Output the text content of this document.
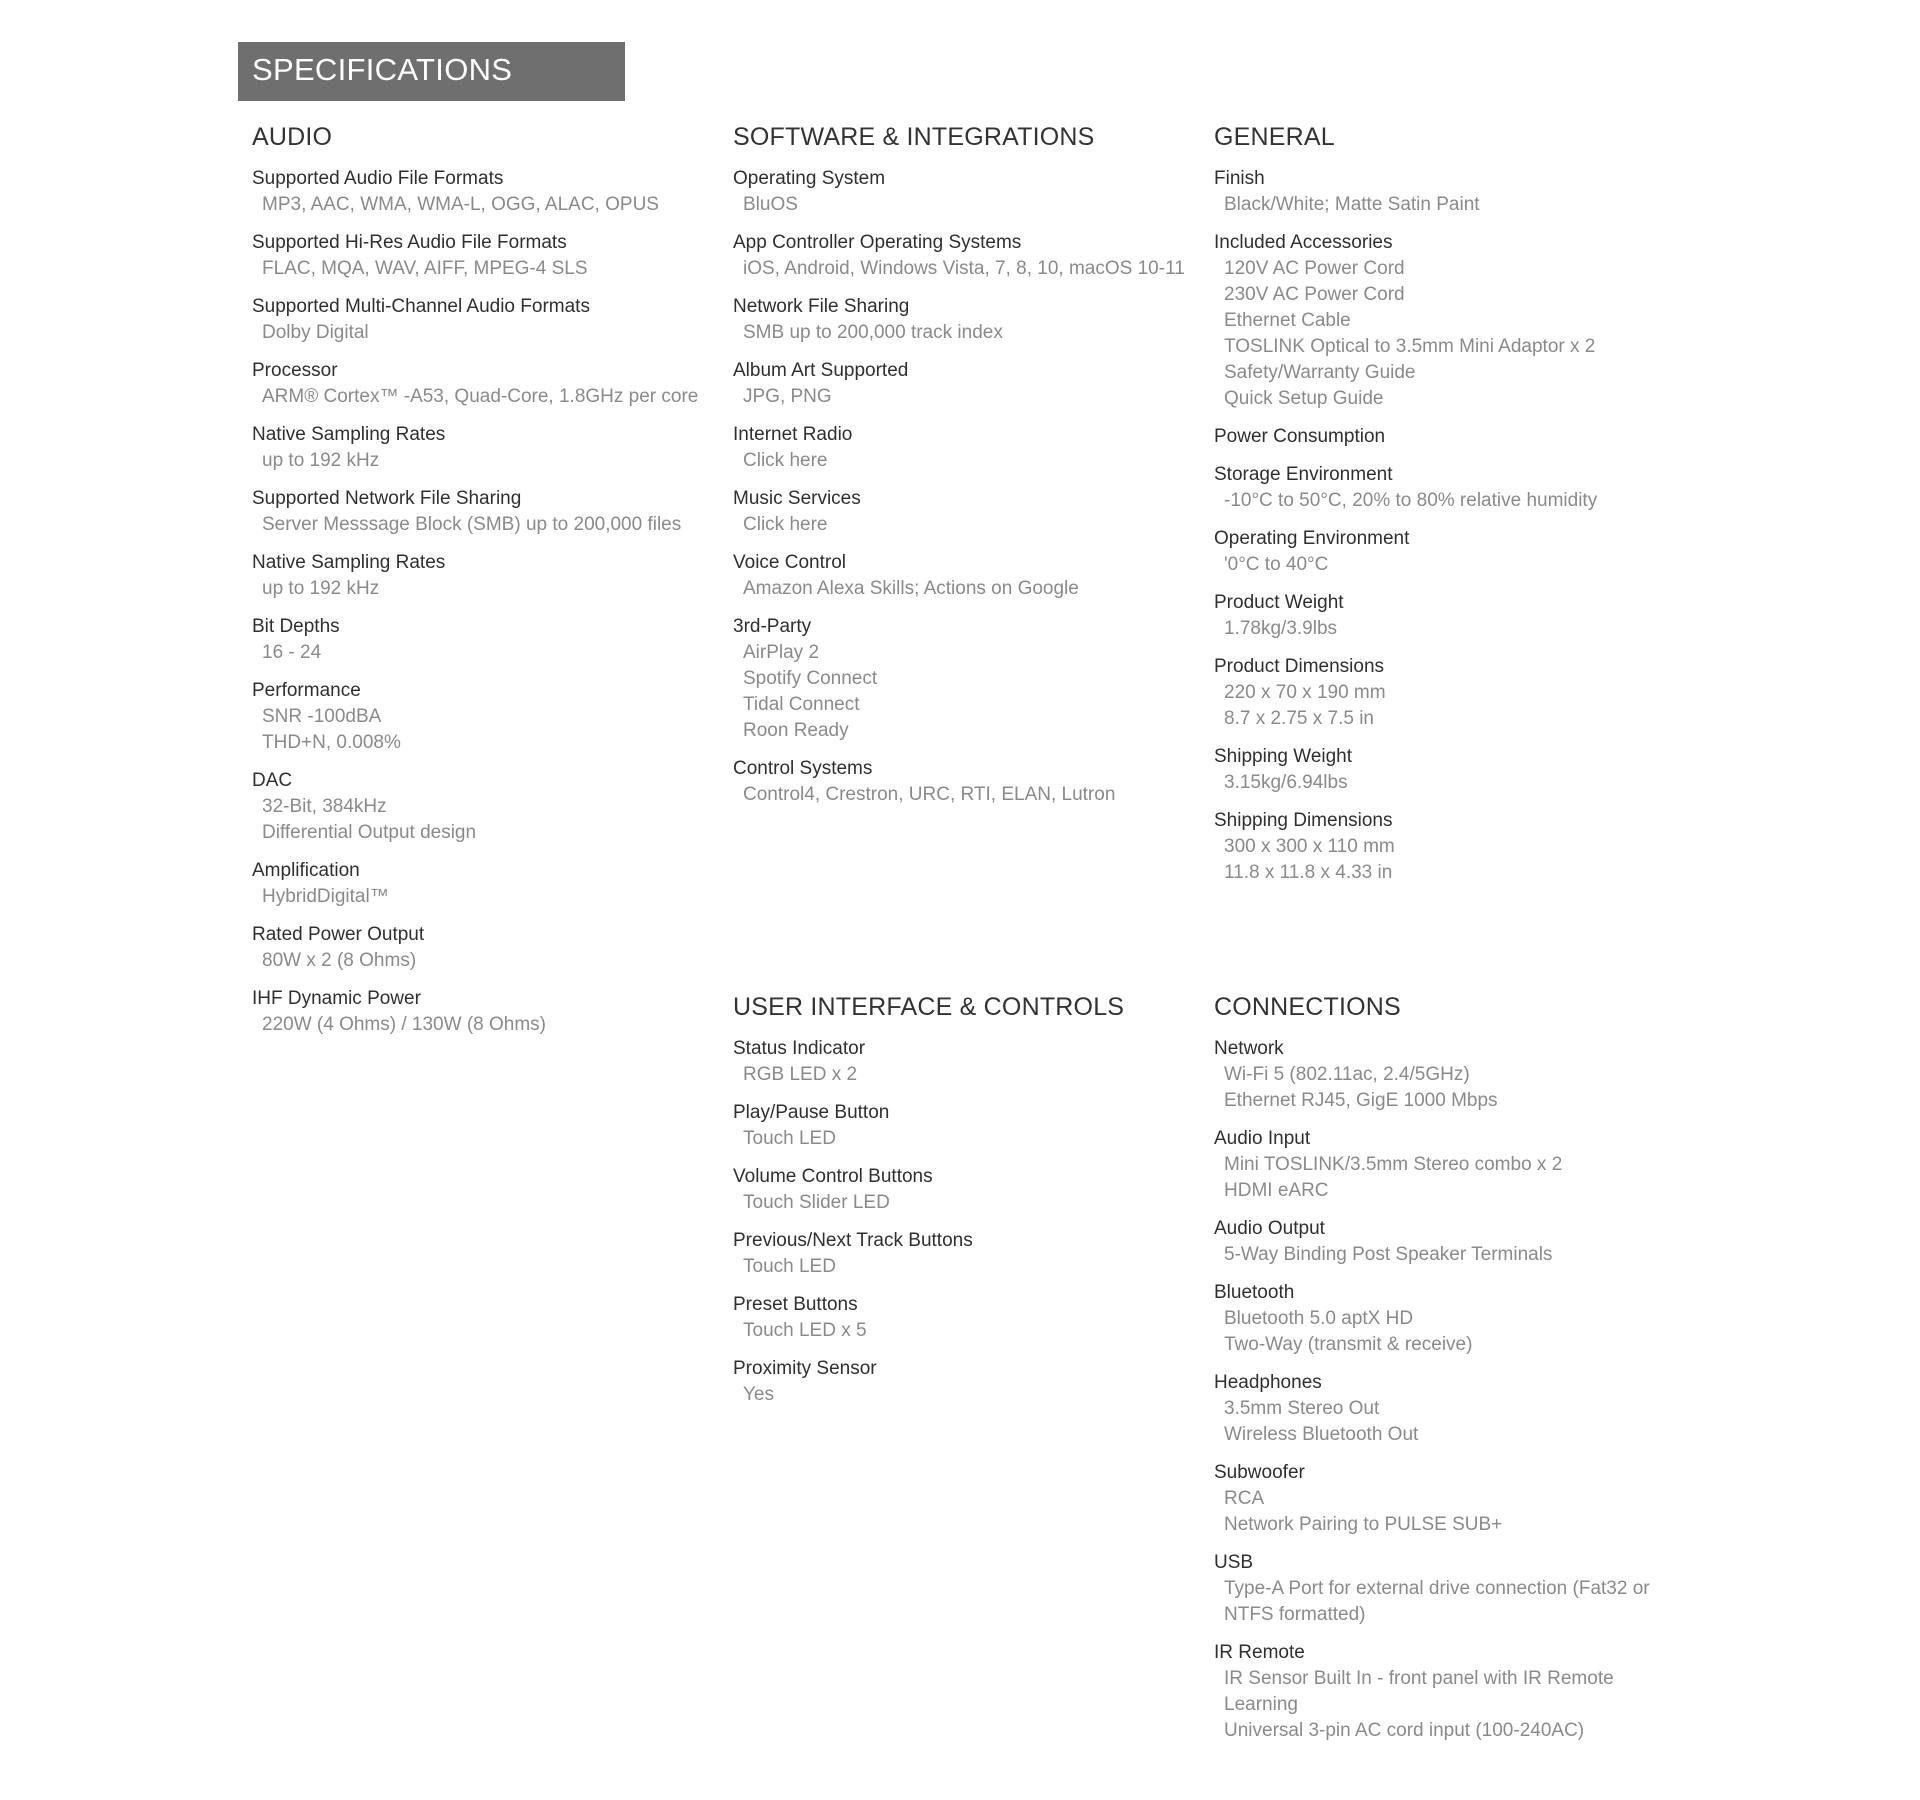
SPECIFICATIONS
AUDIO
Supported Audio File Formats
MP3, AAC, WMA, WMA-L, OGG, ALAC, OPUS
Supported Hi-Res Audio File Formats
FLAC, MQA, WAV, AIFF, MPEG-4 SLS
Supported Multi-Channel Audio Formats
Dolby Digital
Processor
ARM® Cortex™ -A53, Quad-Core, 1.8GHz per core
Native Sampling Rates
up to 192 kHz
Supported Network File Sharing
Server Messsage Block (SMB) up to 200,000 files
Native Sampling Rates
up to 192 kHz
Bit Depths
16 - 24
Performance
SNR -100dBA
THD+N, 0.008%
DAC
32-Bit, 384kHz
Differential Output design
Amplification
HybridDigital™
Rated Power Output
80W x 2 (8 Ohms)
IHF Dynamic Power
220W (4 Ohms) / 130W (8 Ohms)
SOFTWARE & INTEGRATIONS
Operating System
BluOS
App Controller Operating Systems
iOS, Android, Windows Vista, 7, 8, 10, macOS 10-11
Network File Sharing
SMB up to 200,000 track index
Album Art Supported
JPG, PNG
Internet Radio
Click here
Music Services
Click here
Voice Control
Amazon Alexa Skills; Actions on Google
3rd-Party
AirPlay 2
Spotify Connect
Tidal Connect
Roon Ready
Control Systems
Control4, Crestron, URC, RTI, ELAN, Lutron
GENERAL
Finish
Black/White; Matte Satin Paint
Included Accessories
120V AC Power Cord
230V AC Power Cord
Ethernet Cable
TOSLINK Optical to 3.5mm Mini Adaptor x 2
Safety/Warranty Guide
Quick Setup Guide
Power Consumption
Storage Environment
-10°C to 50°C, 20% to 80% relative humidity
Operating Environment
'0°C to 40°C
Product Weight
1.78kg/3.9lbs
Product Dimensions
220 x 70 x 190 mm
8.7 x 2.75 x 7.5 in
Shipping Weight
3.15kg/6.94lbs
Shipping Dimensions
300 x 300 x 110 mm
11.8 x 11.8 x 4.33 in
USER INTERFACE & CONTROLS
Status Indicator
RGB LED x 2
Play/Pause Button
Touch LED
Volume Control Buttons
Touch Slider LED
Previous/Next Track Buttons
Touch LED
Preset Buttons
Touch LED x 5
Proximity Sensor
Yes
CONNECTIONS
Network
Wi-Fi 5 (802.11ac, 2.4/5GHz)
Ethernet RJ45, GigE 1000 Mbps
Audio Input
Mini TOSLINK/3.5mm Stereo combo x 2
HDMI eARC
Audio Output
5-Way Binding Post Speaker Terminals
Bluetooth
Bluetooth 5.0 aptX HD
Two-Way (transmit & receive)
Headphones
3.5mm Stereo Out
Wireless Bluetooth Out
Subwoofer
RCA
Network Pairing to PULSE SUB+
USB
Type-A Port for external drive connection (Fat32 or
NTFS formatted)
IR Remote
IR Sensor Built In - front panel with IR Remote
Learning
Universal 3-pin AC cord input (100-240AC)
